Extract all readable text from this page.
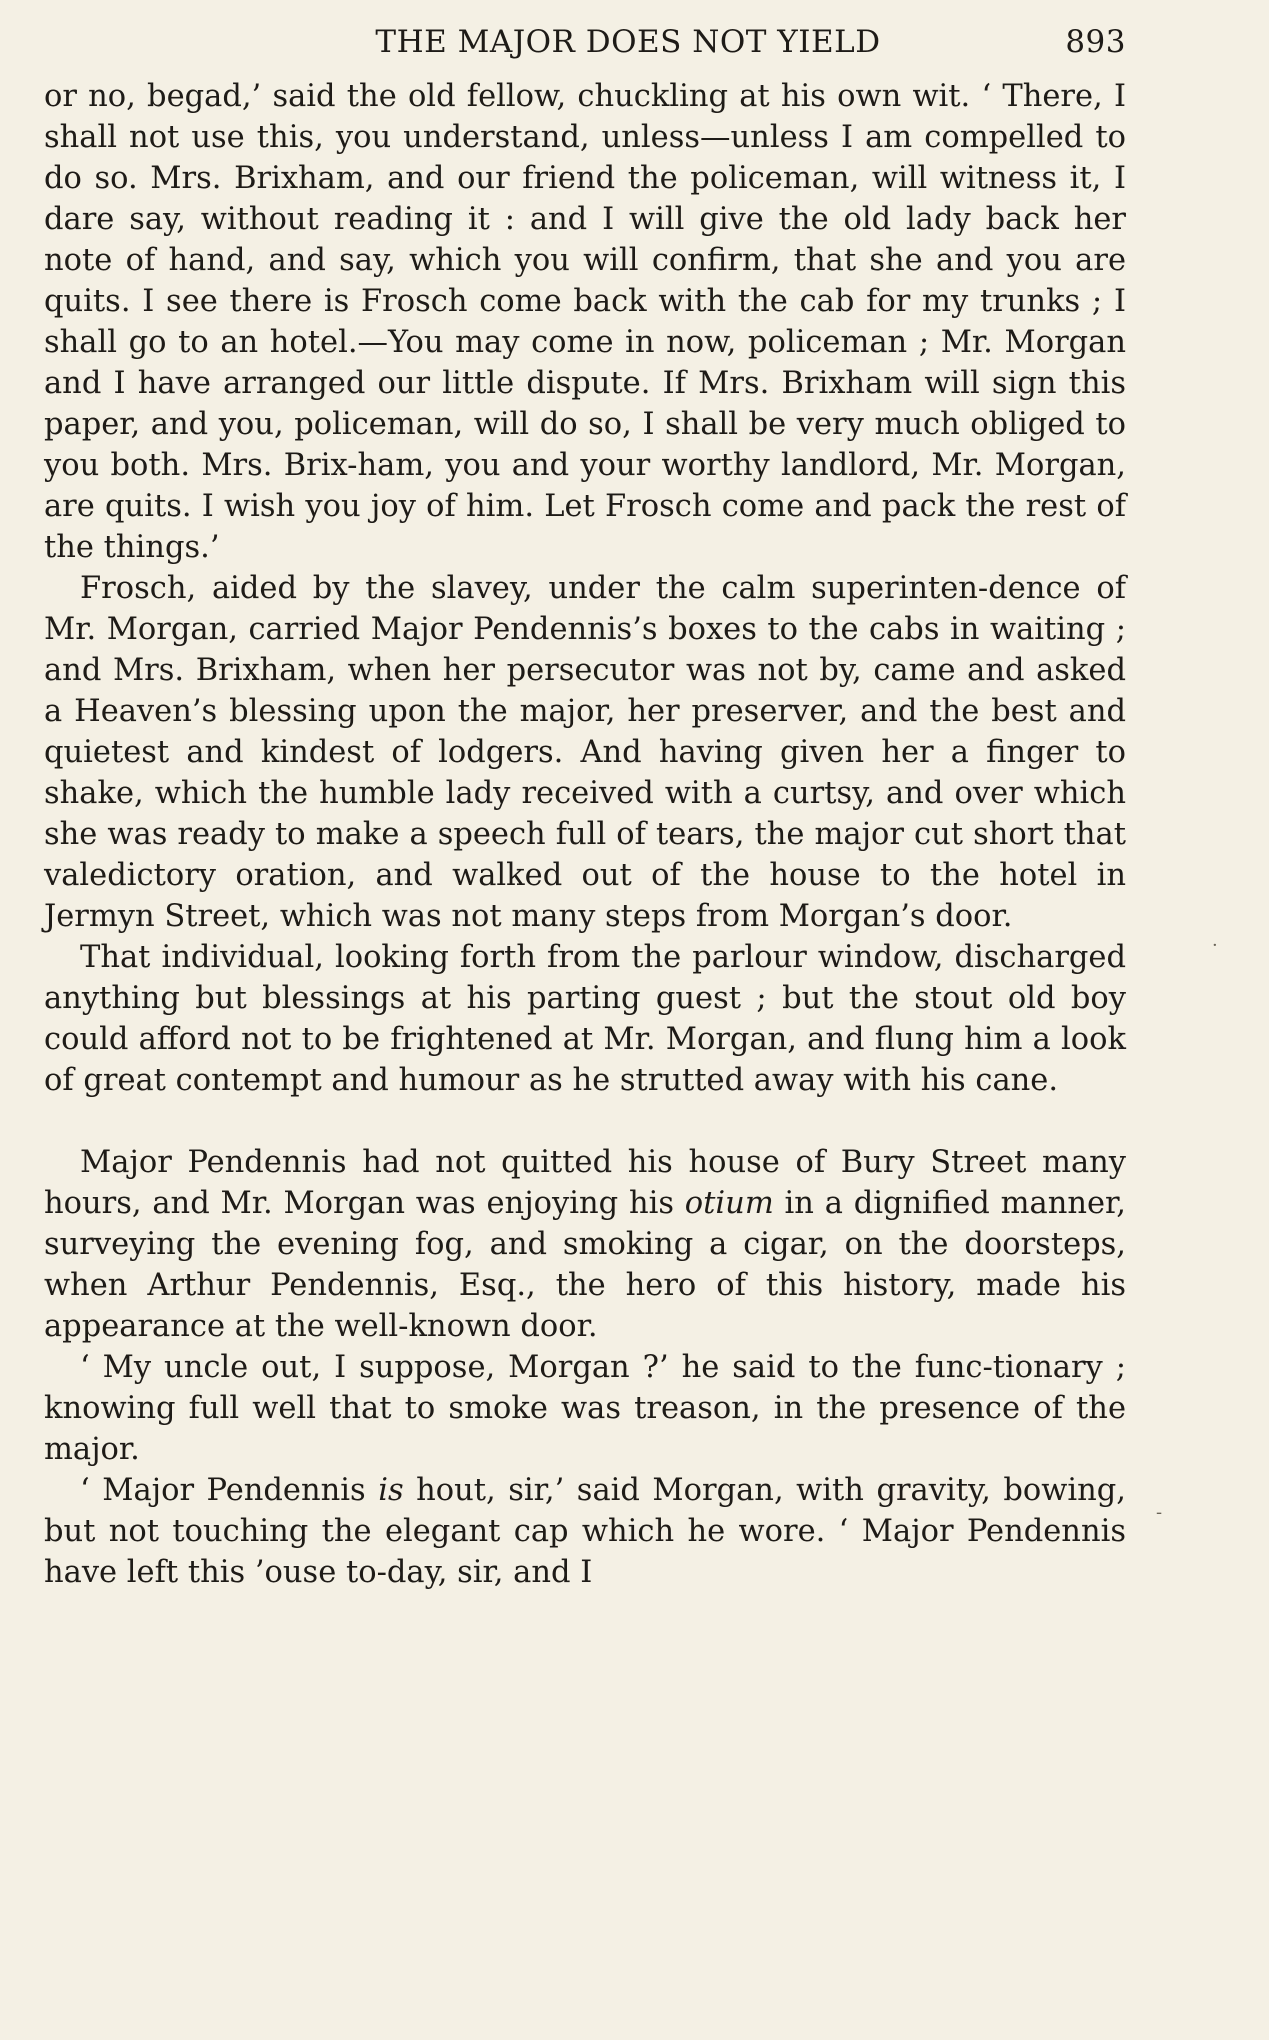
THE MAJOR DOES NOT YIELD	893

or no, begad,’ said the old fellow, chuckling at his own wit. ‘ There, I shall not use this, you understand, unless—unless I am compelled to do so. Mrs. Brixham, and our friend the policeman, will witness it, I dare say, without reading it : and I will give the old lady back her note of hand, and say, which you will confirm, that she and you are quits. I see there is Frosch come back with the cab for my trunks ; I shall go to an hotel.—You may come in now, policeman ; Mr. Morgan and I have arranged our little dispute. If Mrs. Brixham will sign this paper, and you, policeman, will do so, I shall be very much obliged to you both. Mrs. Brix-ham, you and your worthy landlord, Mr. Morgan, are quits. I wish you joy of him. Let Frosch come and pack the rest of the things.’

Frosch, aided by the slavey, under the calm superinten-dence of Mr. Morgan, carried Major Pendennis’s boxes to the cabs in waiting ; and Mrs. Brixham, when her persecutor was not by, came and asked a Heaven’s blessing upon the major, her preserver, and the best and quietest and kindest of lodgers. And having given her a finger to shake, which the humble lady received with a curtsy, and over which she was ready to make a speech full of tears, the major cut short that valedictory oration, and walked out of the house to the hotel in Jermyn Street, which was not many steps from Morgan’s door.

That individual, looking forth from the parlour window, discharged anything but blessings at his parting guest ; but the stout old boy could afford not to be frightened at Mr. Morgan, and flung him a look of great contempt and humour as he strutted away with his cane.

Major Pendennis had not quitted his house of Bury Street many hours, and Mr. Morgan was enjoying his otium in a dignified manner, surveying the evening fog, and smoking a cigar, on the doorsteps, when Arthur Pendennis, Esq., the hero of this history, made his appearance at the well-known door.

‘ My uncle out, I suppose, Morgan ?’ he said to the func-tionary ; knowing full well that to smoke was treason, in the presence of the major.

‘ Major Pendennis is hout, sir,’ said Morgan, with gravity, bowing, but not touching the elegant cap which he wore. ‘ Major Pendennis have left this ’ouse to-day, sir, and I

·
-
